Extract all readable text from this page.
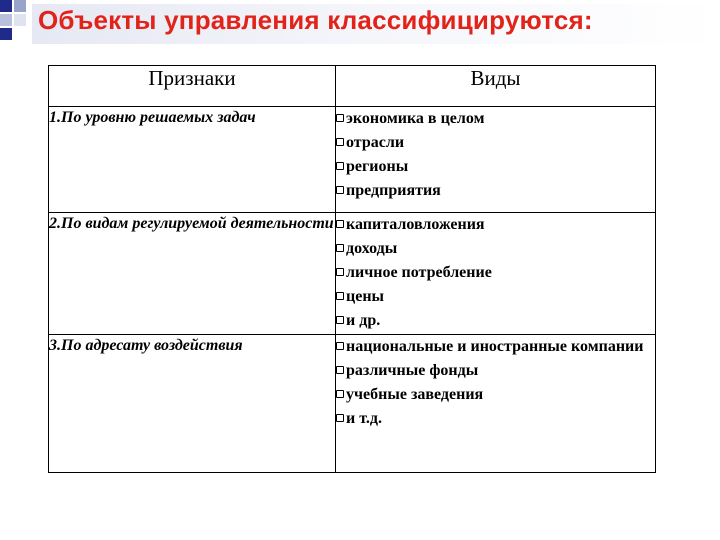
Объекты управления классифицируются:
Признаки	Виды
1.По уровню решаемых задач	экономика в целом
отрасли
регионы
предприятия

2.По видам регулируемой деятельности	капиталовложения
доходы
личное потребление
цены
и др.

3.По адресату воздействия	национальные и иностранные компании
различные фонды
учебные заведения
и т.д.
